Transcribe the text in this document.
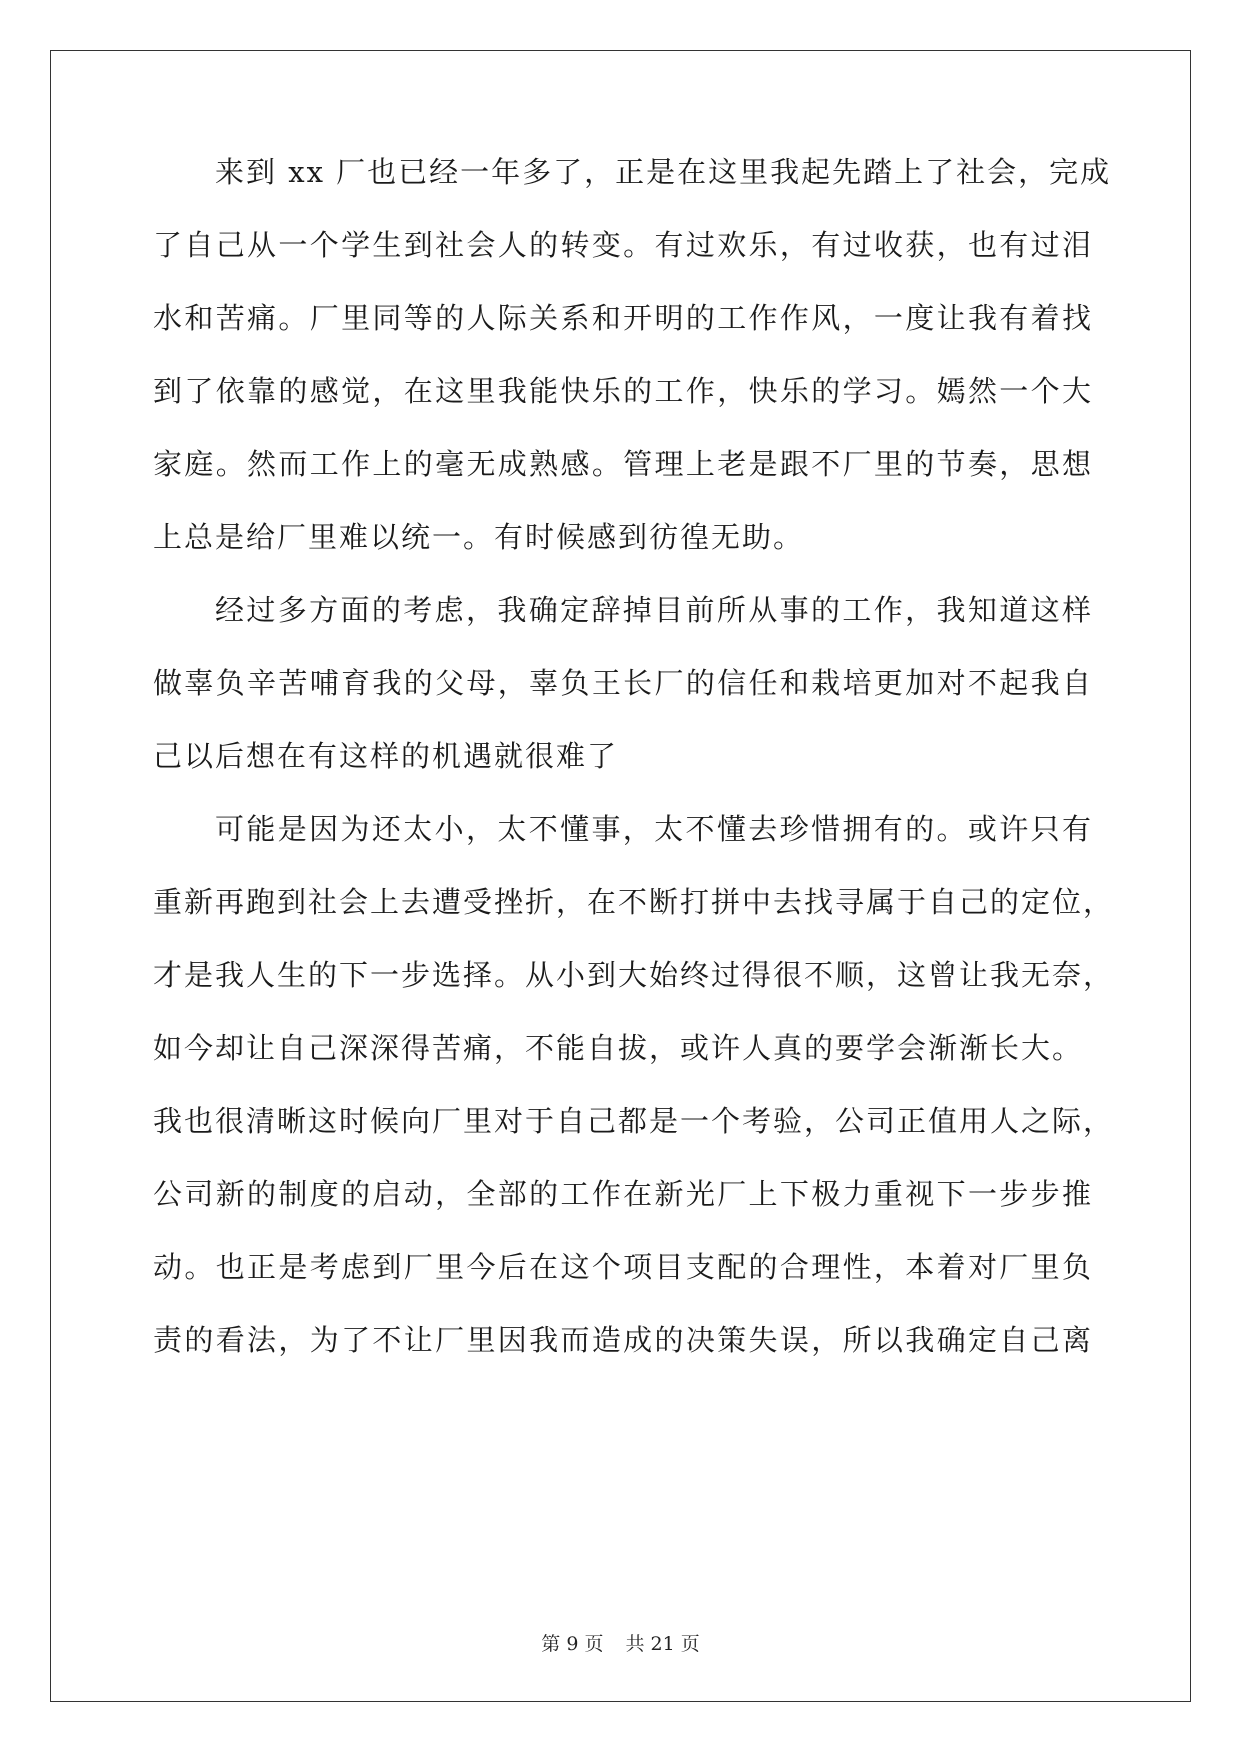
来到 xx 厂也已经一年多了，正是在这里我起先踏上了社会，完成
了自己从一个学生到社会人的转变。有过欢乐，有过收获，也有过泪
水和苦痛。厂里同等的人际关系和开明的工作作风，一度让我有着找
到了依靠的感觉，在这里我能快乐的工作，快乐的学习。嫣然一个大
家庭。然而工作上的毫无成熟感。管理上老是跟不厂里的节奏，思想
上总是给厂里难以统一。有时候感到彷徨无助。
经过多方面的考虑，我确定辞掉目前所从事的工作，我知道这样
做辜负辛苦哺育我的父母，辜负王长厂的信任和栽培更加对不起我自
己以后想在有这样的机遇就很难了
可能是因为还太小，太不懂事，太不懂去珍惜拥有的。或许只有
重新再跑到社会上去遭受挫折，在不断打拼中去找寻属于自己的定位，
才是我人生的下一步选择。从小到大始终过得很不顺，这曾让我无奈，
如今却让自己深深得苦痛，不能自拔，或许人真的要学会渐渐长大。
我也很清晰这时候向厂里对于自己都是一个考验，公司正值用人之际，
公司新的制度的启动，全部的工作在新光厂上下极力重视下一步步推
动。也正是考虑到厂里今后在这个项目支配的合理性，本着对厂里负
责的看法，为了不让厂里因我而造成的决策失误，所以我确定自己离
第 9 页 共 21 页
